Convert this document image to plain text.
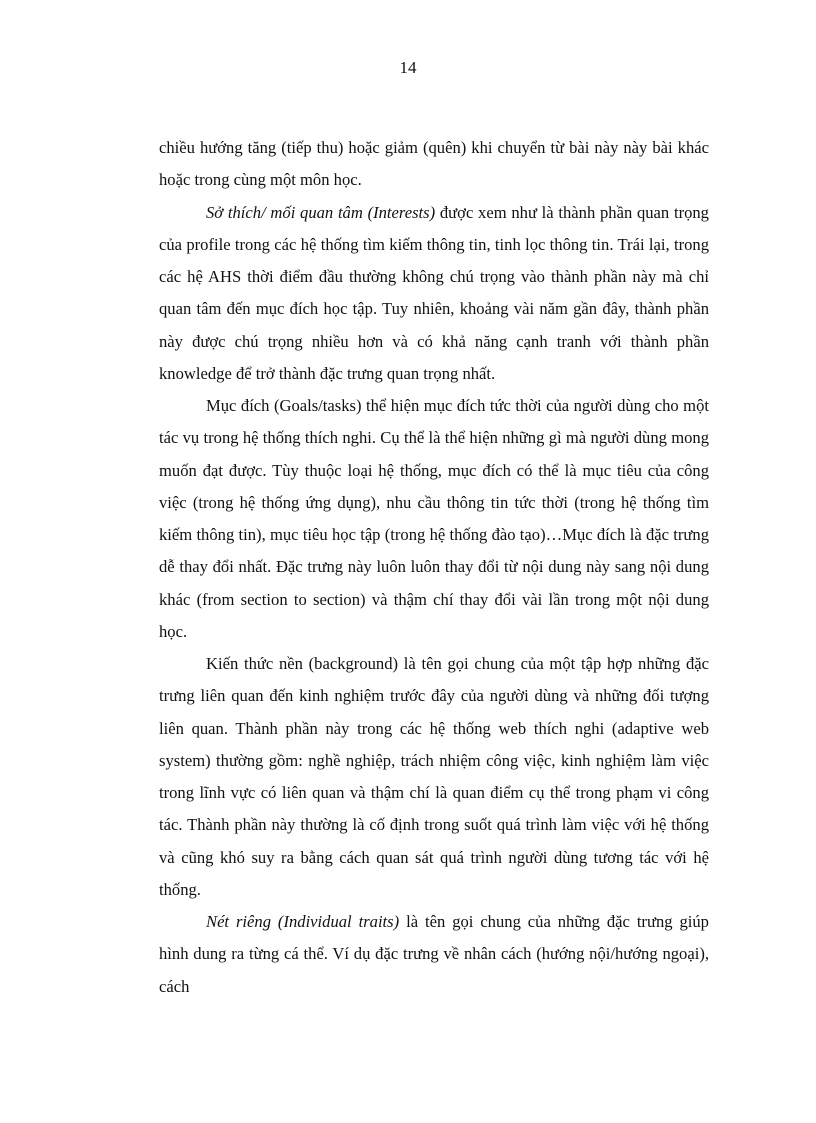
14

chiều hướng tăng (tiếp thu) hoặc giảm (quên) khi chuyển từ bài này này bài khác hoặc trong cùng một môn học.

Sở thích/ mối quan tâm (Interests) được xem như là thành phần quan trọng của profile trong các hệ thống tìm kiếm thông tin, tinh lọc thông tin. Trái lại, trong các hệ AHS thời điểm đầu thường không chú trọng vào thành phần này mà chỉ quan tâm đến mục đích học tập. Tuy nhiên, khoảng vài năm gần đây, thành phần này được chú trọng nhiều hơn và có khả năng cạnh tranh với thành phần knowledge để trở thành đặc trưng quan trọng nhất.

Mục đích (Goals/tasks) thể hiện mục đích tức thời của người dùng cho một tác vụ trong hệ thống thích nghi. Cụ thể là thể hiện những gì mà người dùng mong muốn đạt được. Tùy thuộc loại hệ thống, mục đích có thể là mục tiêu của công việc (trong hệ thống ứng dụng), nhu cầu thông tin tức thời (trong hệ thống tìm kiếm thông tin), mục tiêu học tập (trong hệ thống đào tạo)…Mục đích là đặc trưng dễ thay đổi nhất. Đặc trưng này luôn luôn thay đổi từ nội dung này sang nội dung khác (from section to section) và thậm chí thay đổi vài lần trong một nội dung học.

Kiến thức nền (background) là tên gọi chung của một tập hợp những đặc trưng liên quan đến kinh nghiệm trước đây của người dùng và những đối tượng liên quan. Thành phần này trong các hệ thống web thích nghi (adaptive web system) thường gồm: nghề nghiệp, trách nhiệm công việc, kinh nghiệm làm việc trong lĩnh vực có liên quan và thậm chí là quan điểm cụ thể trong phạm vi công tác. Thành phần này thường là cố định trong suốt quá trình làm việc với hệ thống và cũng khó suy ra bằng cách quan sát quá trình người dùng tương tác với hệ thống.

Nét riêng (Individual traits) là tên gọi chung của những đặc trưng giúp hình dung ra từng cá thể. Ví dụ đặc trưng về nhân cách (hướng nội/hướng ngoại), cách
